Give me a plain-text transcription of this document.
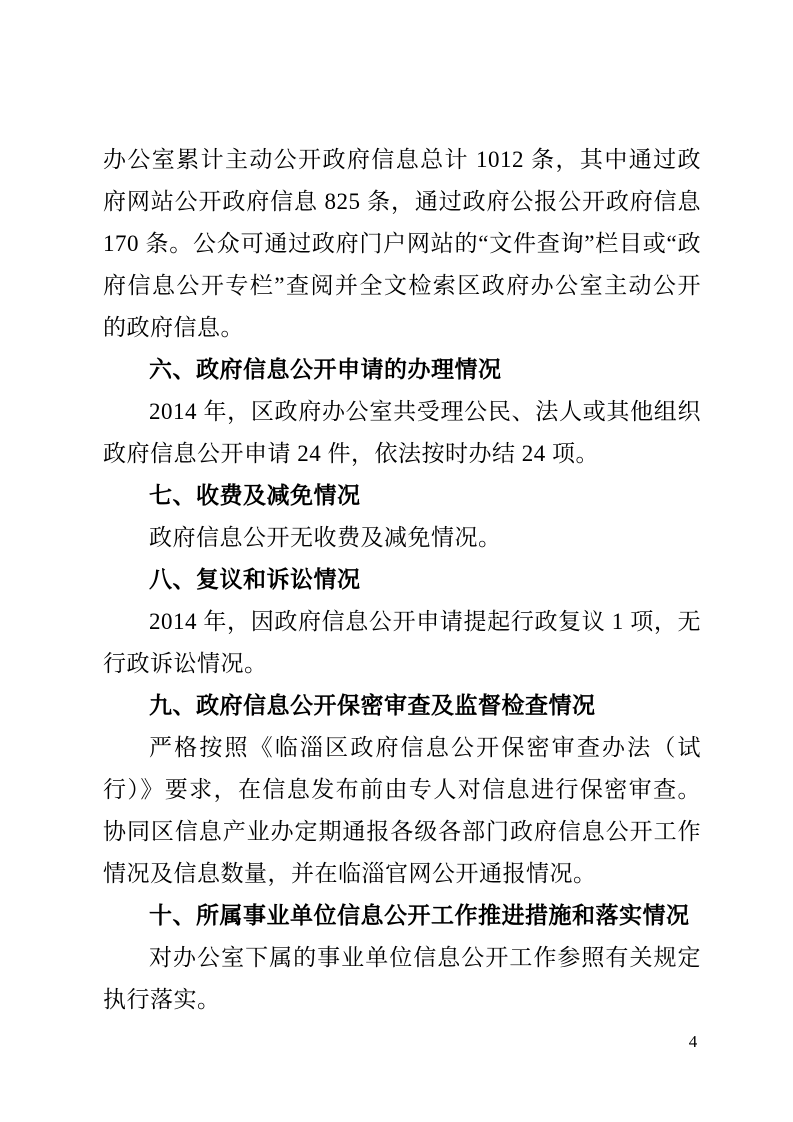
办公室累计主动公开政府信息总计 1012 条，其中通过政府网站公开政府信息 825 条，通过政府公报公开政府信息 170 条。公众可通过政府门户网站的“文件查询”栏目或“政府信息公开专栏”查阅并全文检索区政府办公室主动公开的政府信息。

六、政府信息公开申请的办理情况

2014 年，区政府办公室共受理公民、法人或其他组织政府信息公开申请 24 件，依法按时办结 24 项。

七、收费及减免情况

政府信息公开无收费及减免情况。

八、复议和诉讼情况

2014 年，因政府信息公开申请提起行政复议 1 项，无行政诉讼情况。

九、政府信息公开保密审查及监督检查情况

严格按照《临淄区政府信息公开保密审查办法（试行）》要求，在信息发布前由专人对信息进行保密审查。协同区信息产业办定期通报各级各部门政府信息公开工作情况及信息数量，并在临淄官网公开通报情况。

十、所属事业单位信息公开工作推进措施和落实情况

对办公室下属的事业单位信息公开工作参照有关规定执行落实。

4
